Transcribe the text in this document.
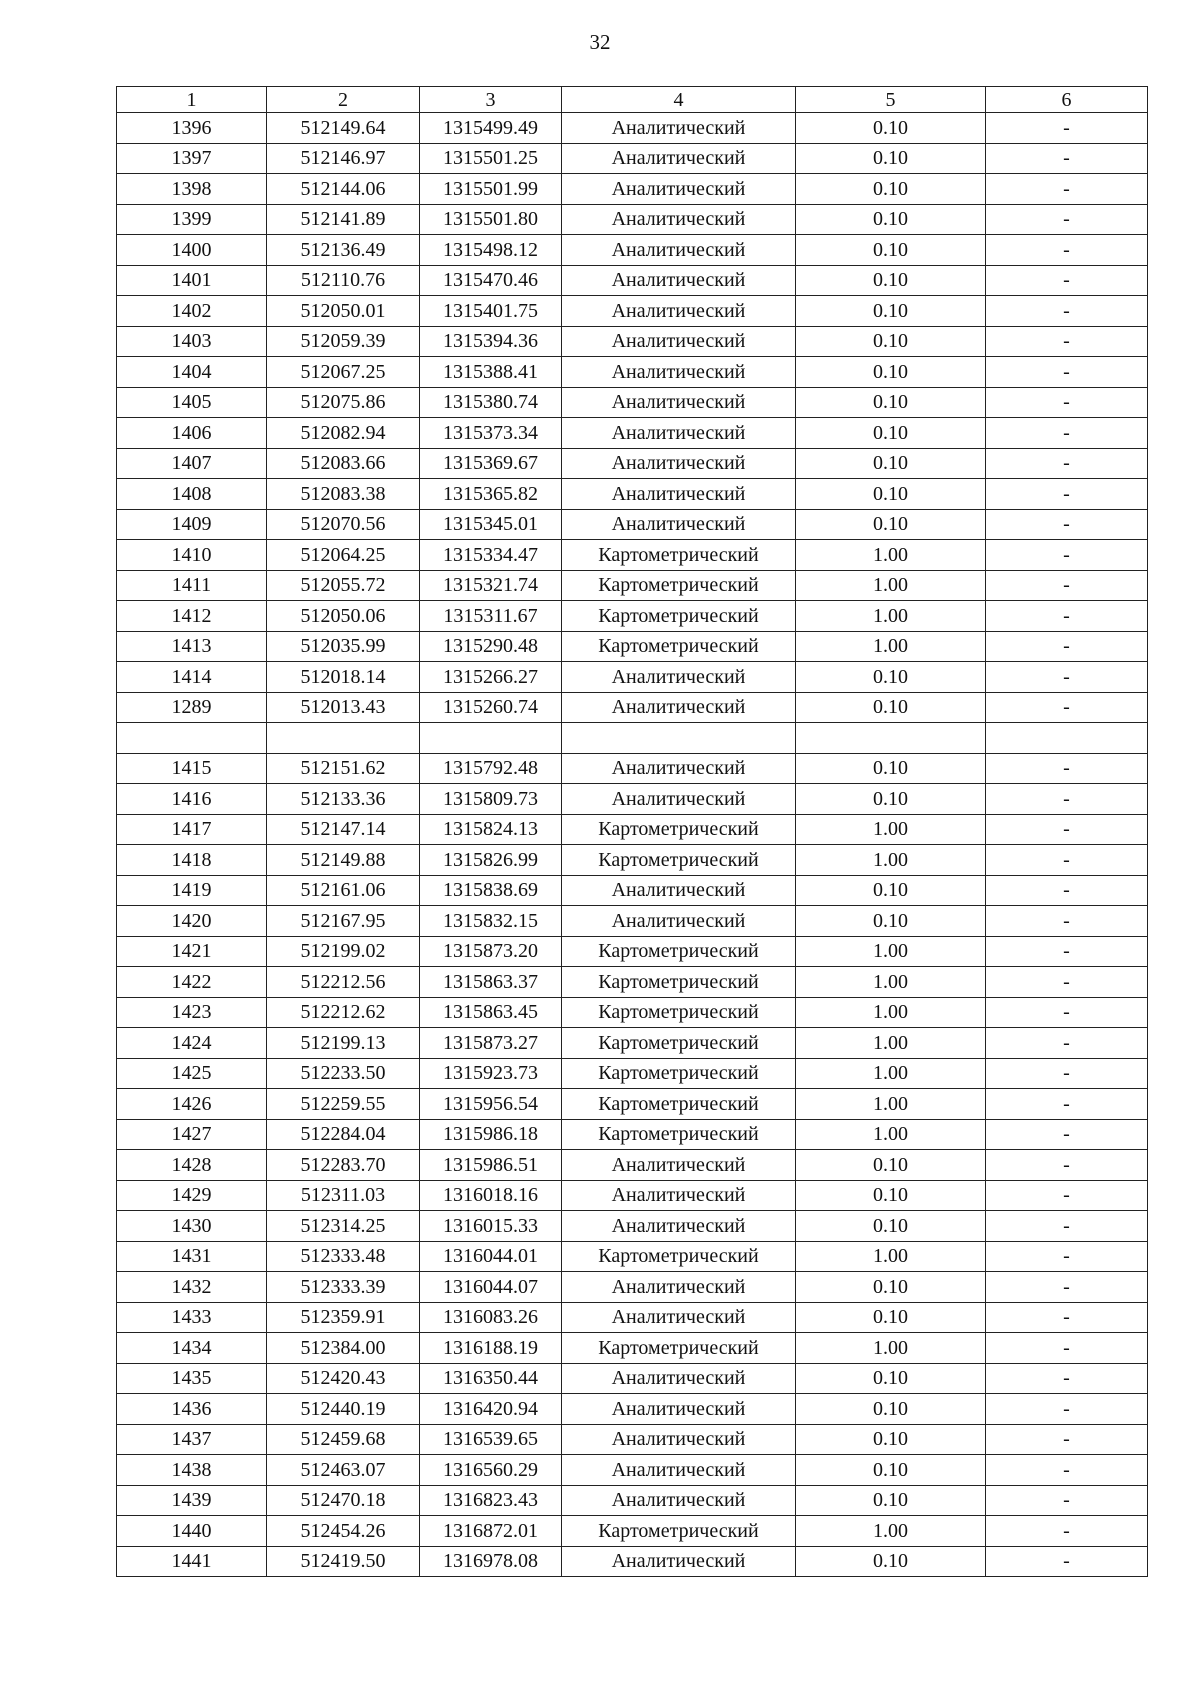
32
1	2	3	4	5	6
1396	512149.64	1315499.49	Аналитический	0.10	-
1397	512146.97	1315501.25	Аналитический	0.10	-
1398	512144.06	1315501.99	Аналитический	0.10	-
1399	512141.89	1315501.80	Аналитический	0.10	-
1400	512136.49	1315498.12	Аналитический	0.10	-
1401	512110.76	1315470.46	Аналитический	0.10	-
1402	512050.01	1315401.75	Аналитический	0.10	-
1403	512059.39	1315394.36	Аналитический	0.10	-
1404	512067.25	1315388.41	Аналитический	0.10	-
1405	512075.86	1315380.74	Аналитический	0.10	-
1406	512082.94	1315373.34	Аналитический	0.10	-
1407	512083.66	1315369.67	Аналитический	0.10	-
1408	512083.38	1315365.82	Аналитический	0.10	-
1409	512070.56	1315345.01	Аналитический	0.10	-
1410	512064.25	1315334.47	Картометрический	1.00	-
1411	512055.72	1315321.74	Картометрический	1.00	-
1412	512050.06	1315311.67	Картометрический	1.00	-
1413	512035.99	1315290.48	Картометрический	1.00	-
1414	512018.14	1315266.27	Аналитический	0.10	-
1289	512013.43	1315260.74	Аналитический	0.10	-

1415	512151.62	1315792.48	Аналитический	0.10	-
1416	512133.36	1315809.73	Аналитический	0.10	-
1417	512147.14	1315824.13	Картометрический	1.00	-
1418	512149.88	1315826.99	Картометрический	1.00	-
1419	512161.06	1315838.69	Аналитический	0.10	-
1420	512167.95	1315832.15	Аналитический	0.10	-
1421	512199.02	1315873.20	Картометрический	1.00	-
1422	512212.56	1315863.37	Картометрический	1.00	-
1423	512212.62	1315863.45	Картометрический	1.00	-
1424	512199.13	1315873.27	Картометрический	1.00	-
1425	512233.50	1315923.73	Картометрический	1.00	-
1426	512259.55	1315956.54	Картометрический	1.00	-
1427	512284.04	1315986.18	Картометрический	1.00	-
1428	512283.70	1315986.51	Аналитический	0.10	-
1429	512311.03	1316018.16	Аналитический	0.10	-
1430	512314.25	1316015.33	Аналитический	0.10	-
1431	512333.48	1316044.01	Картометрический	1.00	-
1432	512333.39	1316044.07	Аналитический	0.10	-
1433	512359.91	1316083.26	Аналитический	0.10	-
1434	512384.00	1316188.19	Картометрический	1.00	-
1435	512420.43	1316350.44	Аналитический	0.10	-
1436	512440.19	1316420.94	Аналитический	0.10	-
1437	512459.68	1316539.65	Аналитический	0.10	-
1438	512463.07	1316560.29	Аналитический	0.10	-
1439	512470.18	1316823.43	Аналитический	0.10	-
1440	512454.26	1316872.01	Картометрический	1.00	-
1441	512419.50	1316978.08	Аналитический	0.10	-
